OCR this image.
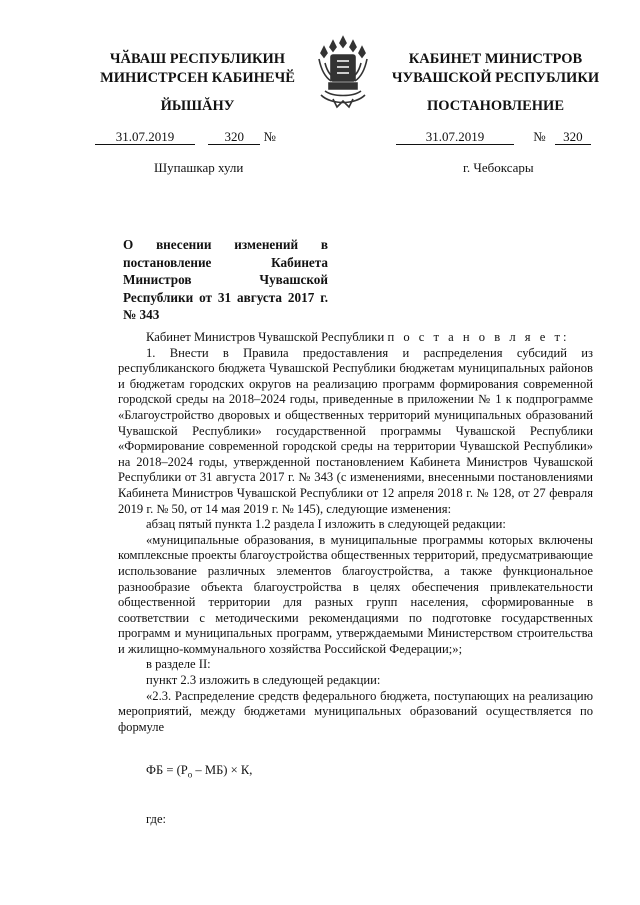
ЧӐВАШ РЕСПУБЛИКИН
МИНИСТРСЕН КАБИНЕЧӖ
ЙЫШĂНУ
КАБИНЕТ МИНИСТРОВ
ЧУВАШСКОЙ РЕСПУБЛИКИ
ПОСТАНОВЛЕНИЕ
31.07.2019	320 №	31.07.2019	№ 320
Шупашкар хули	г. Чебоксары
О внесении изменений в постановление Кабинета Министров Чувашской Республики от 31 августа 2017 г. № 343

Кабинет Министров Чувашской Республики п о с т а н о в л я е т:

1. Внести в Правила предоставления и распределения субсидий из республиканского бюджета Чувашской Республики бюджетам муниципальных районов и бюджетам городских округов на реализацию программ формирования современной городской среды на 2018–2024 годы, приведенные в приложении № 1 к подпрограмме «Благоустройство дворовых и общественных территорий муниципальных образований Чувашской Республики» государственной программы Чувашской Республики «Формирование современной городской среды на территории Чувашской Республики» на 2018–2024 годы, утвержденной постановлением Кабинета Министров Чувашской Республики от 31 августа 2017 г. № 343 (с изменениями, внесенными постановлениями Кабинета Министров Чувашской Республики от 12 апреля 2018 г. № 128, от 27 февраля 2019 г. № 50, от 14 мая 2019 г. № 145), следующие изменения:

абзац пятый пункта 1.2 раздела I изложить в следующей редакции:

«муниципальные образования, в муниципальные программы которых включены комплексные проекты благоустройства общественных территорий, предусматривающие использование различных элементов благоустройства, а также функциональное разнообразие объекта благоустройства в целях обеспечения привлекательности общественной территории для разных групп населения, сформированные в соответствии с методическими рекомендациями по подготовке государственных программ и муниципальных программ, утверждаемыми Министерством строительства и жилищно-коммунального хозяйства Российской Федерации;»;

в разделе II:

пункт 2.3 изложить в следующей редакции:

«2.3. Распределение средств федерального бюджета, поступающих на реализацию мероприятий, между бюджетами муниципальных образований осуществляется по формуле

ФБ = $(Р_о - МБ) \times К$,

где:
